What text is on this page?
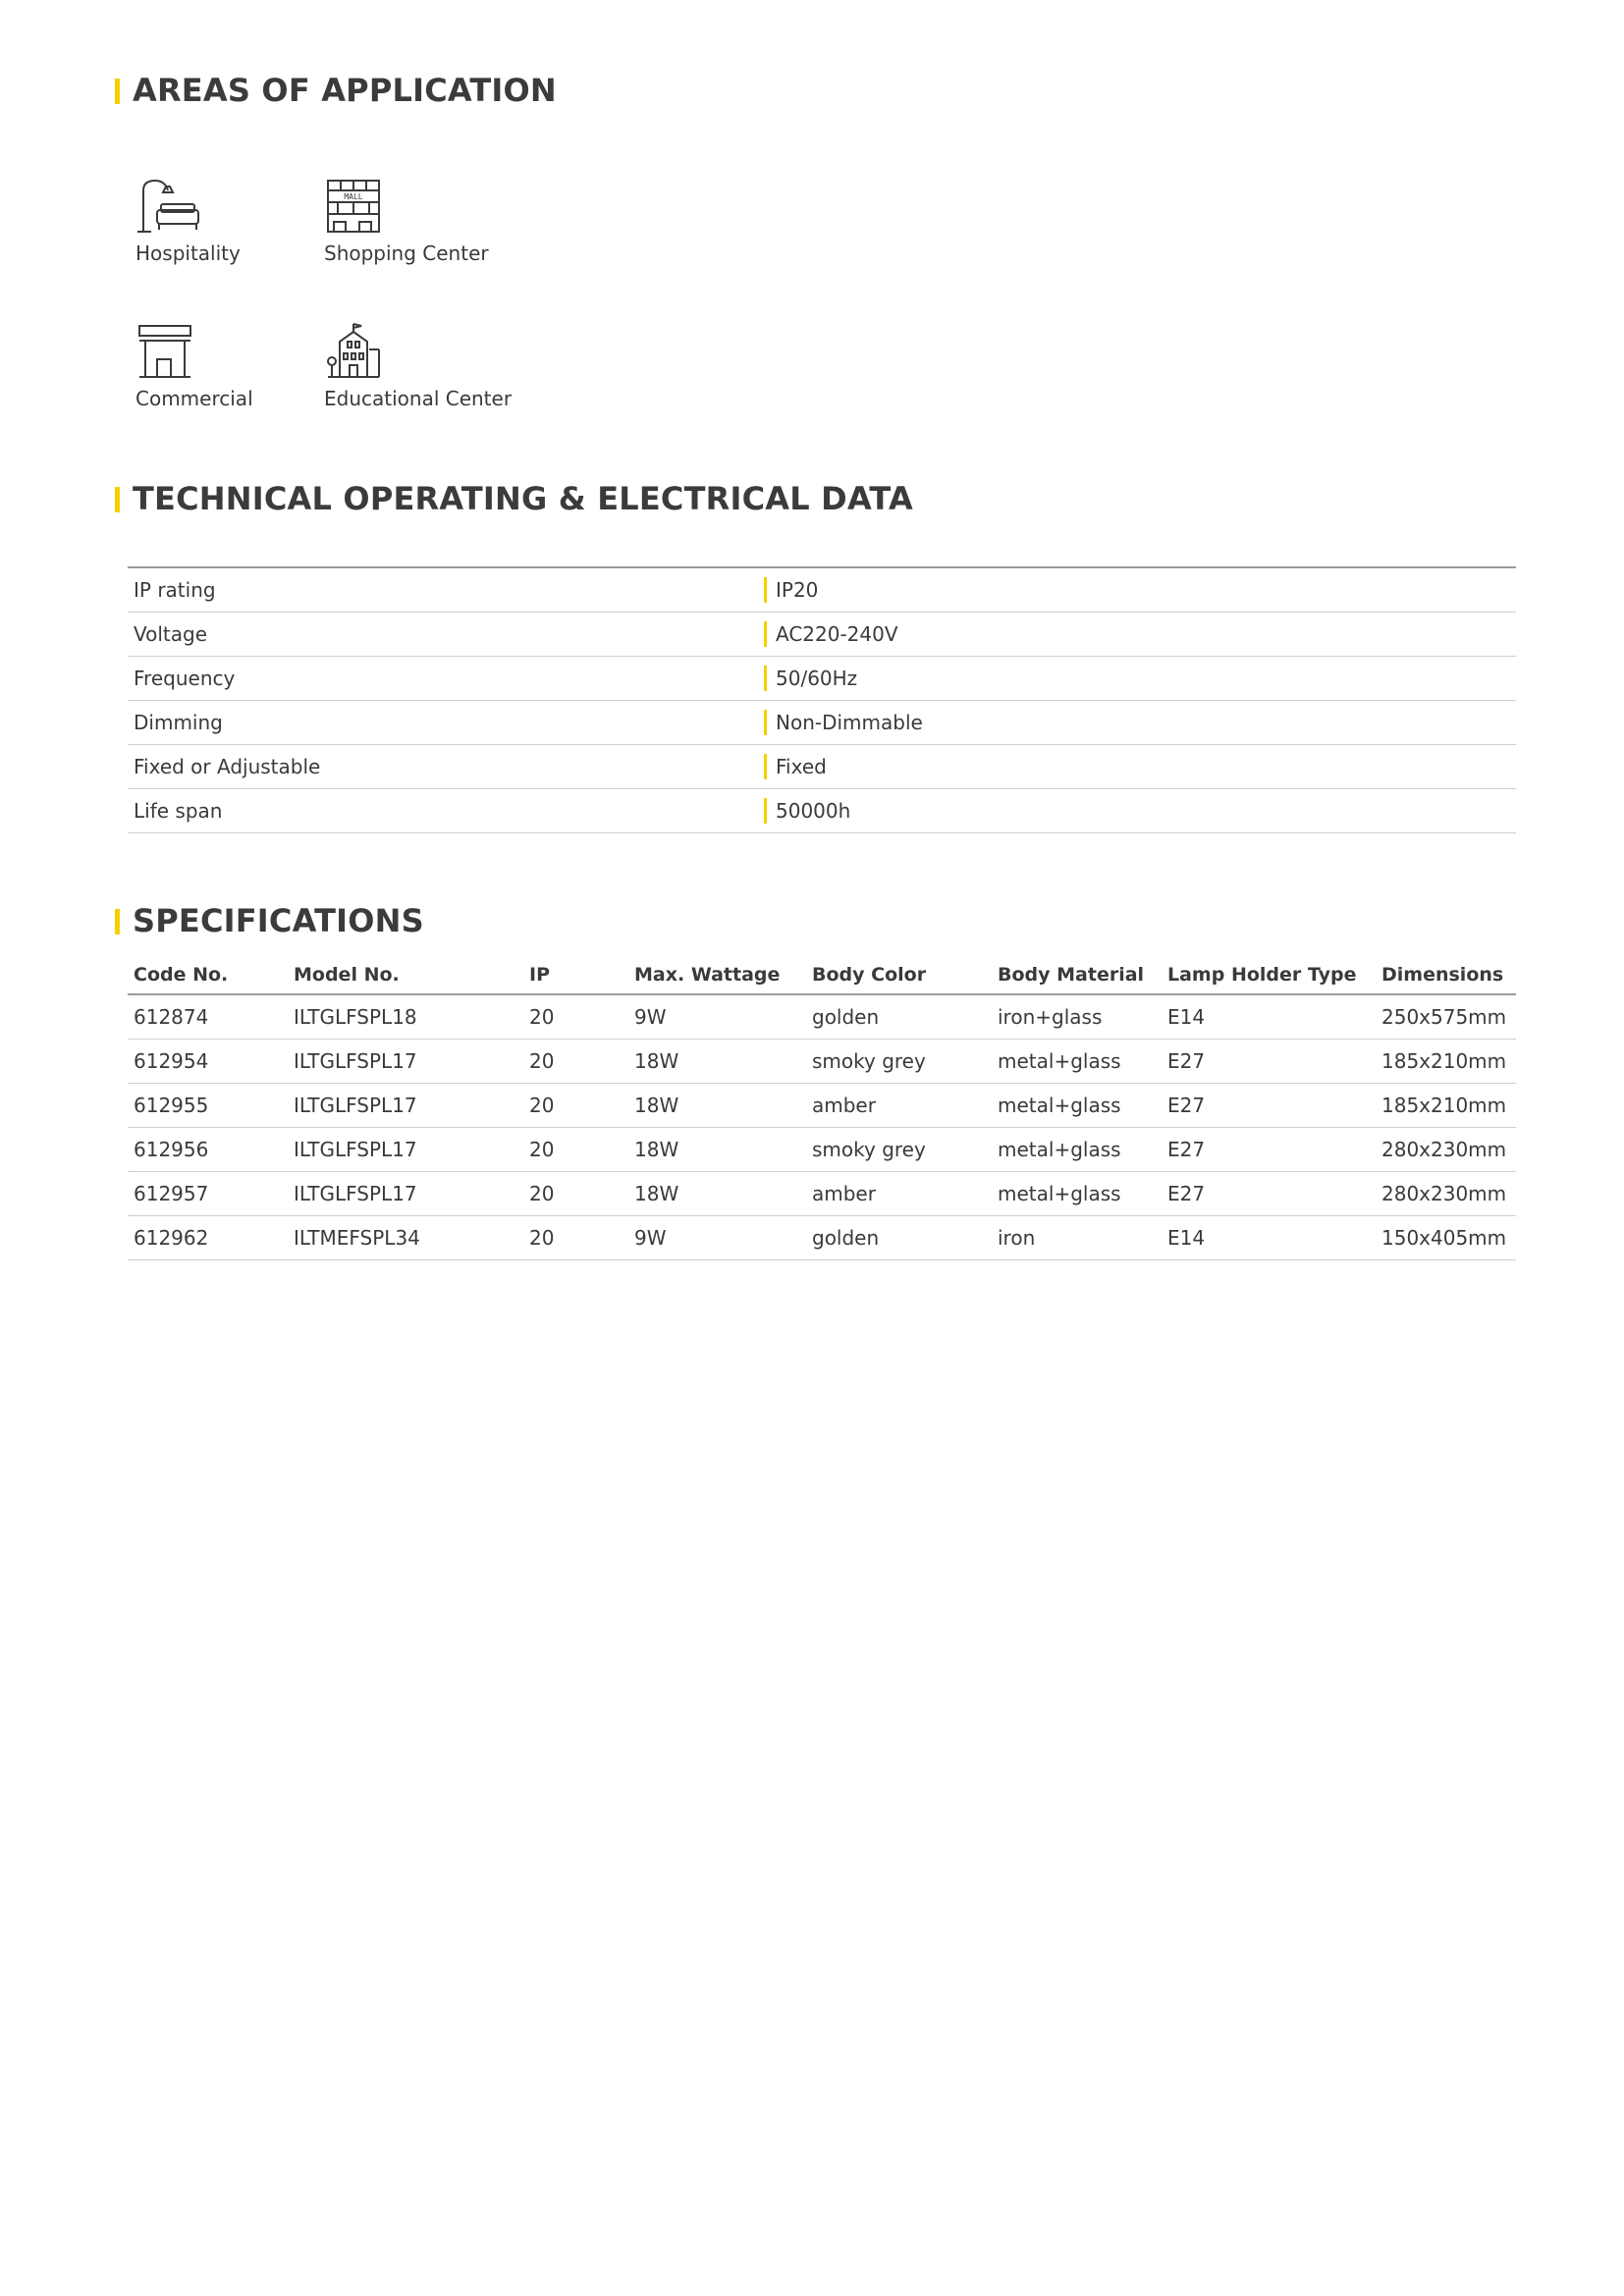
AREAS OF APPLICATION
Hospitality
MALL
Shopping Center
Commercial	Educational Center
TECHNICAL OPERATING & ELECTRICAL DATA
IP rating	IP20
Voltage	AC220-240V
Frequency	50/60Hz
Dimming	Non-Dimmable
Fixed or Adjustable	Fixed
Life span	50000h
SPECIFICATIONS
Code No.	Model No.	IP	Max. Wattage	Body Color	Body Material	Lamp Holder Type	Dimensions
612874	ILTGLFSPL18	20	9W	golden	iron+glass	E14	250x575mm
612954	ILTGLFSPL17	20	18W	smoky grey	metal+glass	E27	185x210mm
612955	ILTGLFSPL17	20	18W	amber	metal+glass	E27	185x210mm
612956	ILTGLFSPL17	20	18W	smoky grey	metal+glass	E27	280x230mm
612957	ILTGLFSPL17	20	18W	amber	metal+glass	E27	280x230mm
612962	ILTMEFSPL34	20	9W	golden	iron	E14	150x405mm
